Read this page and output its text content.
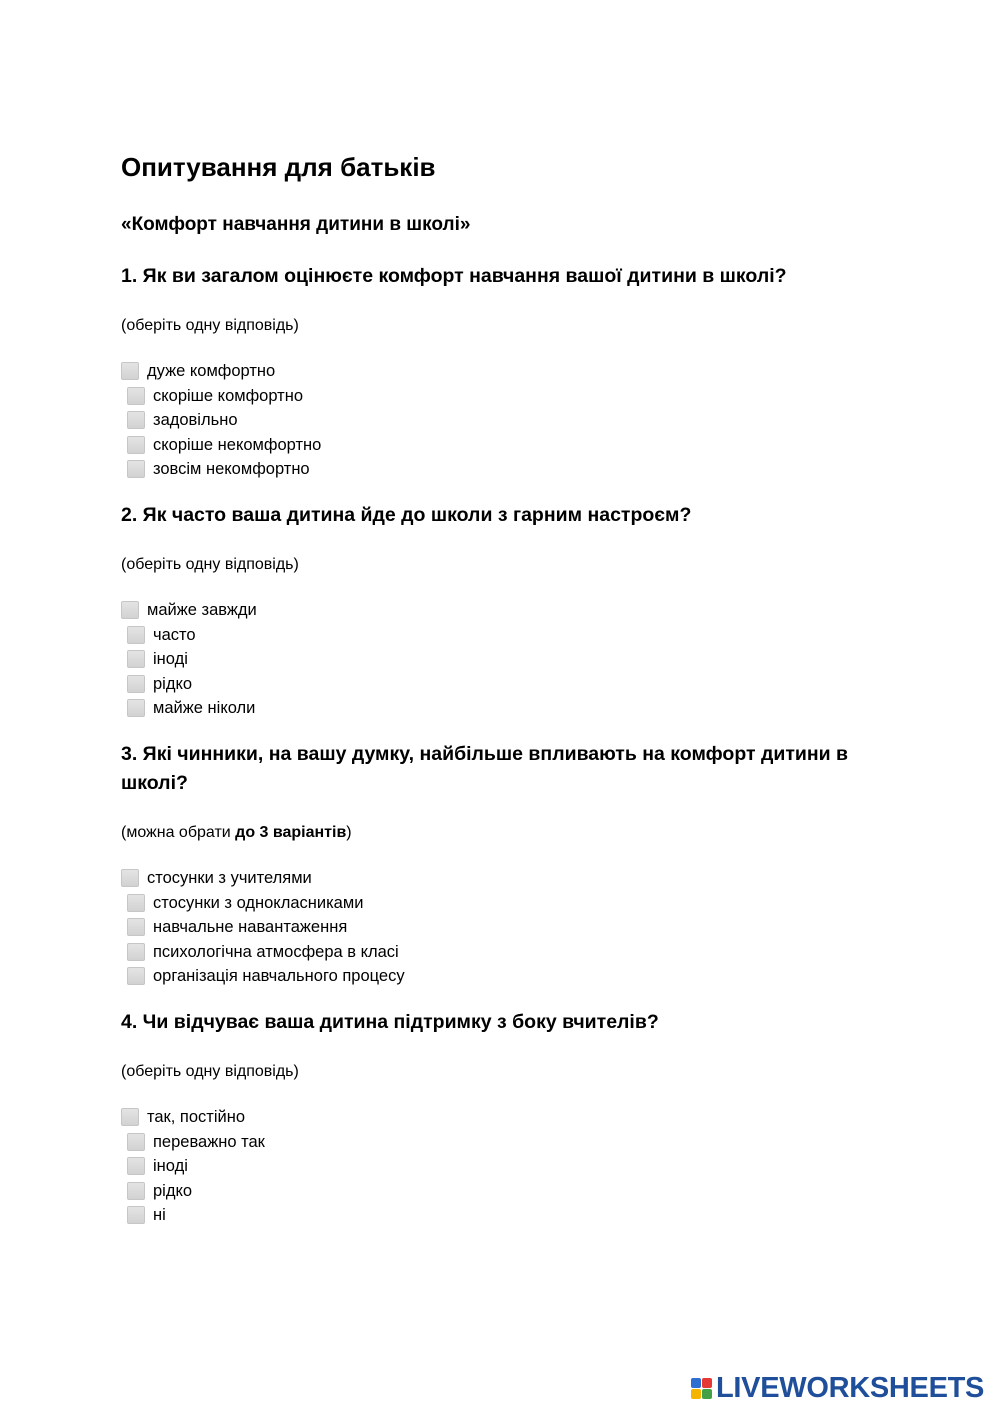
Опитування для батьків
«Комфорт навчання дитини в школі»

1. Як ви загалом оцінюєте комфорт навчання вашої дитини в школі?

(оберіть одну відповідь)

дуже комфортно
скоріше комфортно
задовільно
скоріше некомфортно
зовсім некомфортно

2. Як часто ваша дитина йде до школи з гарним настроєм?

(оберіть одну відповідь)

майже завжди
часто
іноді
рідко
майже ніколи

3. Які чинники, на вашу думку, найбільше впливають на комфорт дитини в школі?

(можна обрати до 3 варіантів)

стосунки з учителями
стосунки з однокласниками
навчальне навантаження
психологічна атмосфера в класі
організація навчального процесу

4. Чи відчуває ваша дитина підтримку з боку вчителів?

(оберіть одну відповідь)

так, постійно
переважно так
іноді
рідко
ні
LIVEWORKSHEETS
